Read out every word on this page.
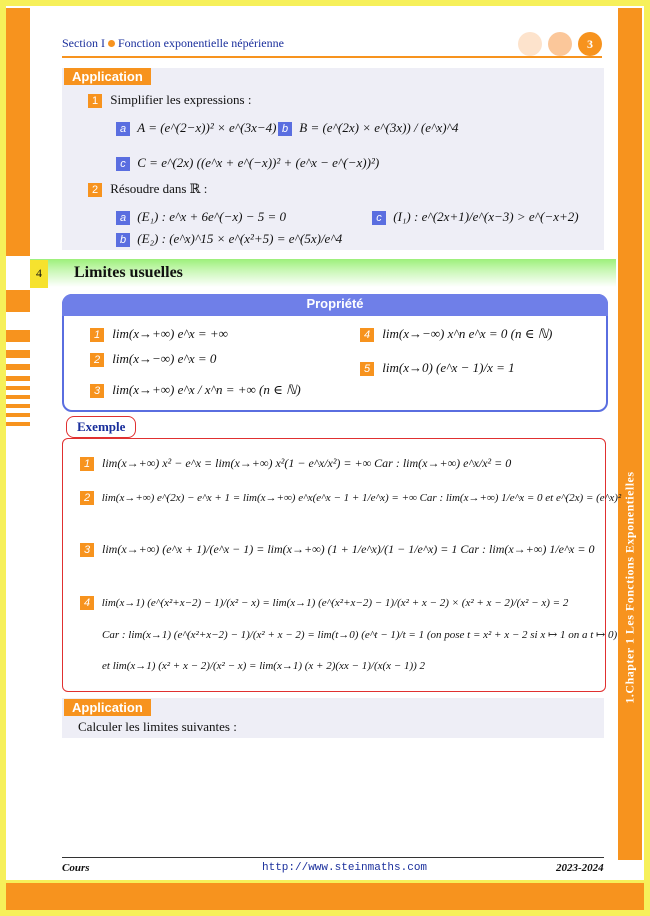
1.Chapter 1 Les Fonctions Exponentielles
Section I Fonction exponentielle népérienne	3
Application
1 Simplifier les expressions :
a A = (e^(2−x))² × e^(3x−4) b B = (e^(2x) × e^(3x)) / (e^x)^4
c C = e^(2x) ((e^x + e^(−x))² + (e^x − e^(−x))²)
2 Résoudre dans ℝ :
a (E₁) : e^x + 6e^(−x) − 5 = 0
b (E₂) : (e^x)^15 × e^(x²+5) = e^(5x)/e^4
c (I₁) : e^(2x+1)/e^(x−3) > e^(−x+2)
4	Limites usuelles
Propriété
1 lim(x→+∞) e^x = +∞
2 lim(x→−∞) e^x = 0
3 lim(x→+∞) e^x / x^n = +∞ (n ∈ ℕ)
4 lim(x→−∞) x^n e^x = 0 (n ∈ ℕ)
5 lim(x→0) (e^x − 1)/x = 1
Exemple
1 lim(x→+∞) x² − e^x = lim(x→+∞) x²(1 − e^x/x²) = +∞ Car : lim(x→+∞) e^x/x² = 0
2 lim(x→+∞) e^(2x) − e^x + 1 = lim(x→+∞) e^x(e^x − 1 + 1/e^x) = +∞ Car : lim(x→+∞) 1/e^x = 0 et e^(2x) = (e^x)²
3 lim(x→+∞) (e^x + 1)/(e^x − 1) = lim(x→+∞) (1 + 1/e^x)/(1 − 1/e^x) = 1 Car : lim(x→+∞) 1/e^x = 0
4 lim(x→1) (e^(x²+x−2) − 1)/(x² − x) = lim(x→1) (e^(x²+x−2) − 1)/(x² + x − 2) × (x² + x − 2)/(x² − x) = 2
Car : lim(x→1) (e^(x²+x−2) − 1)/(x² + x − 2) = lim(t→0) (e^t − 1)/t = 1 (on pose t = x² + x − 2 si x ↦ 1 on a t ↦ 0)
et lim(x→1) (x² + x − 2)/(x² − x) = lim(x→1) (x + 2)(xx − 1)/(x(x − 1)) 2
Application
Calculer les limites suivantes :
Cours	http://www.steinmaths.com	2023-2024
